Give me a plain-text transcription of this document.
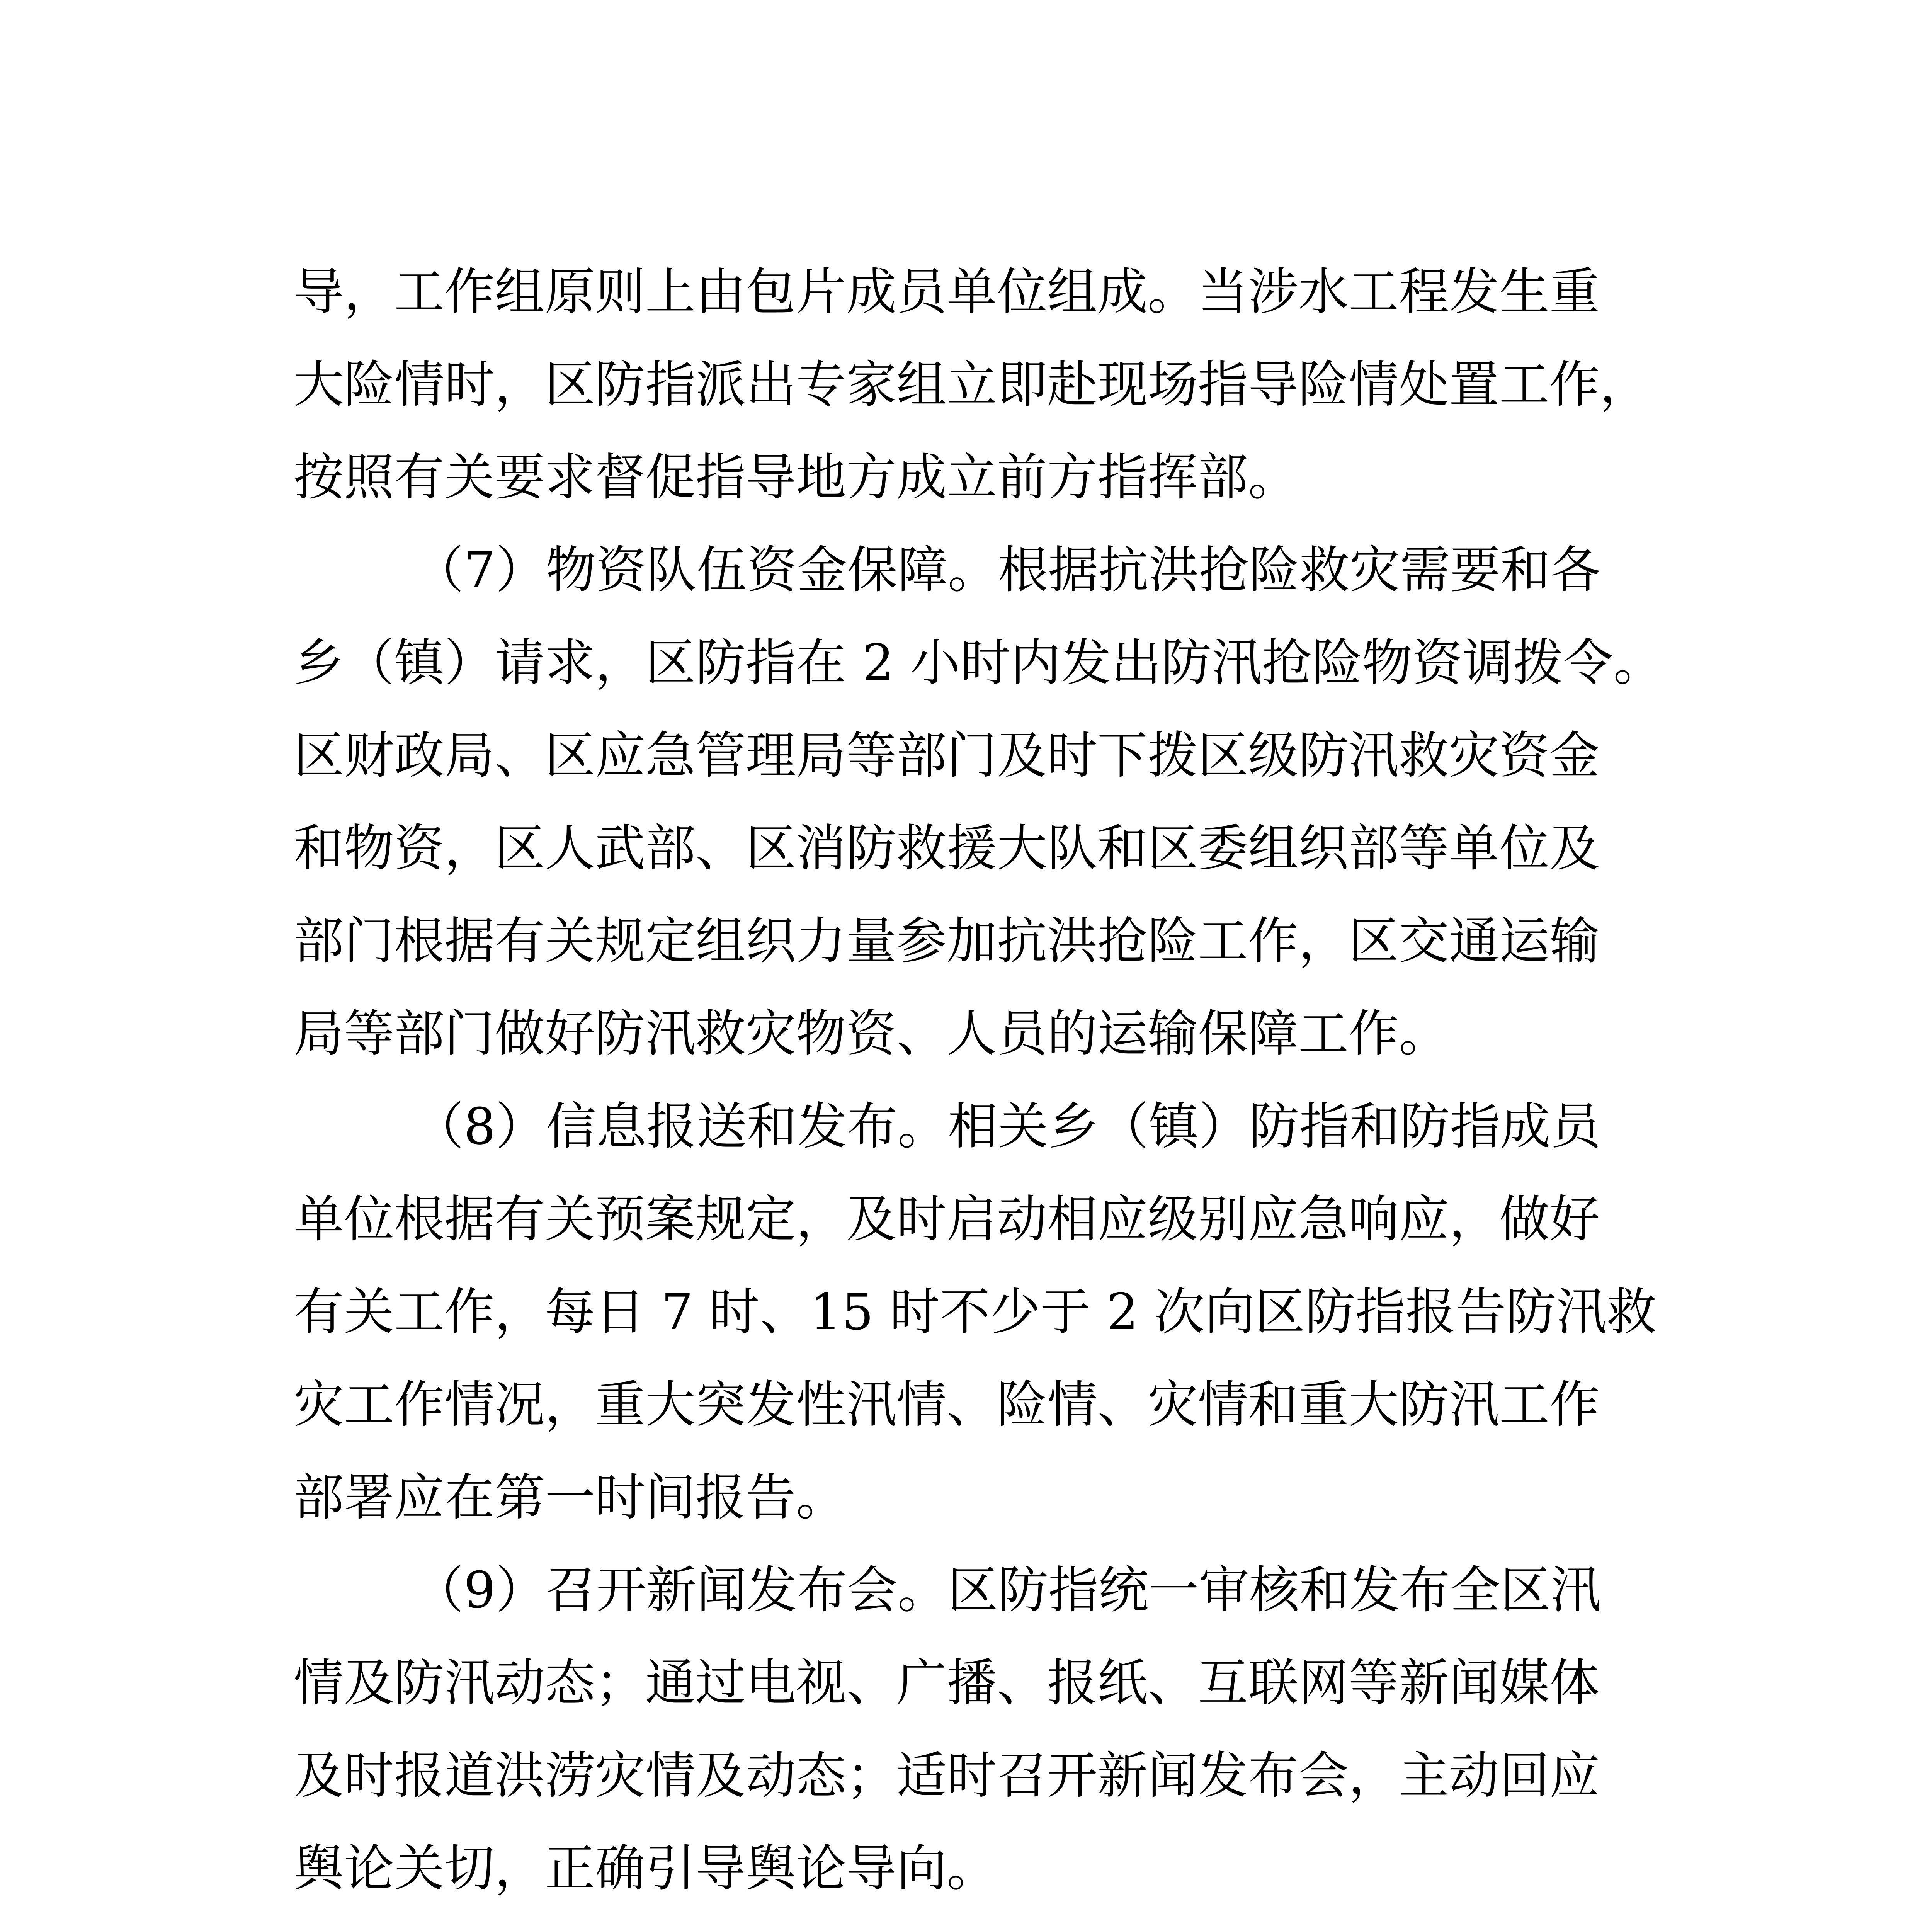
导，工作组原则上由包片成员单位组成。当涉水工程发生重
大险情时，区防指派出专家组立即赴现场指导险情处置工作，
按照有关要求督促指导地方成立前方指挥部。
（7）物资队伍资金保障。根据抗洪抢险救灾需要和各
乡（镇）请求，区防指在 2 小时内发出防汛抢险物资调拨令。
区财政局、区应急管理局等部门及时下拨区级防汛救灾资金
和物资，区人武部、区消防救援大队和区委组织部等单位及
部门根据有关规定组织力量参加抗洪抢险工作，区交通运输
局等部门做好防汛救灾物资、人员的运输保障工作。
（8）信息报送和发布。相关乡（镇）防指和防指成员
单位根据有关预案规定，及时启动相应级别应急响应，做好
有关工作，每日 7 时、15 时不少于 2 次向区防指报告防汛救
灾工作情况，重大突发性汛情、险情、灾情和重大防汛工作
部署应在第一时间报告。
（9）召开新闻发布会。区防指统一审核和发布全区汛
情及防汛动态；通过电视、广播、报纸、互联网等新闻媒体
及时报道洪涝灾情及动态；适时召开新闻发布会，主动回应
舆论关切，正确引导舆论导向。
